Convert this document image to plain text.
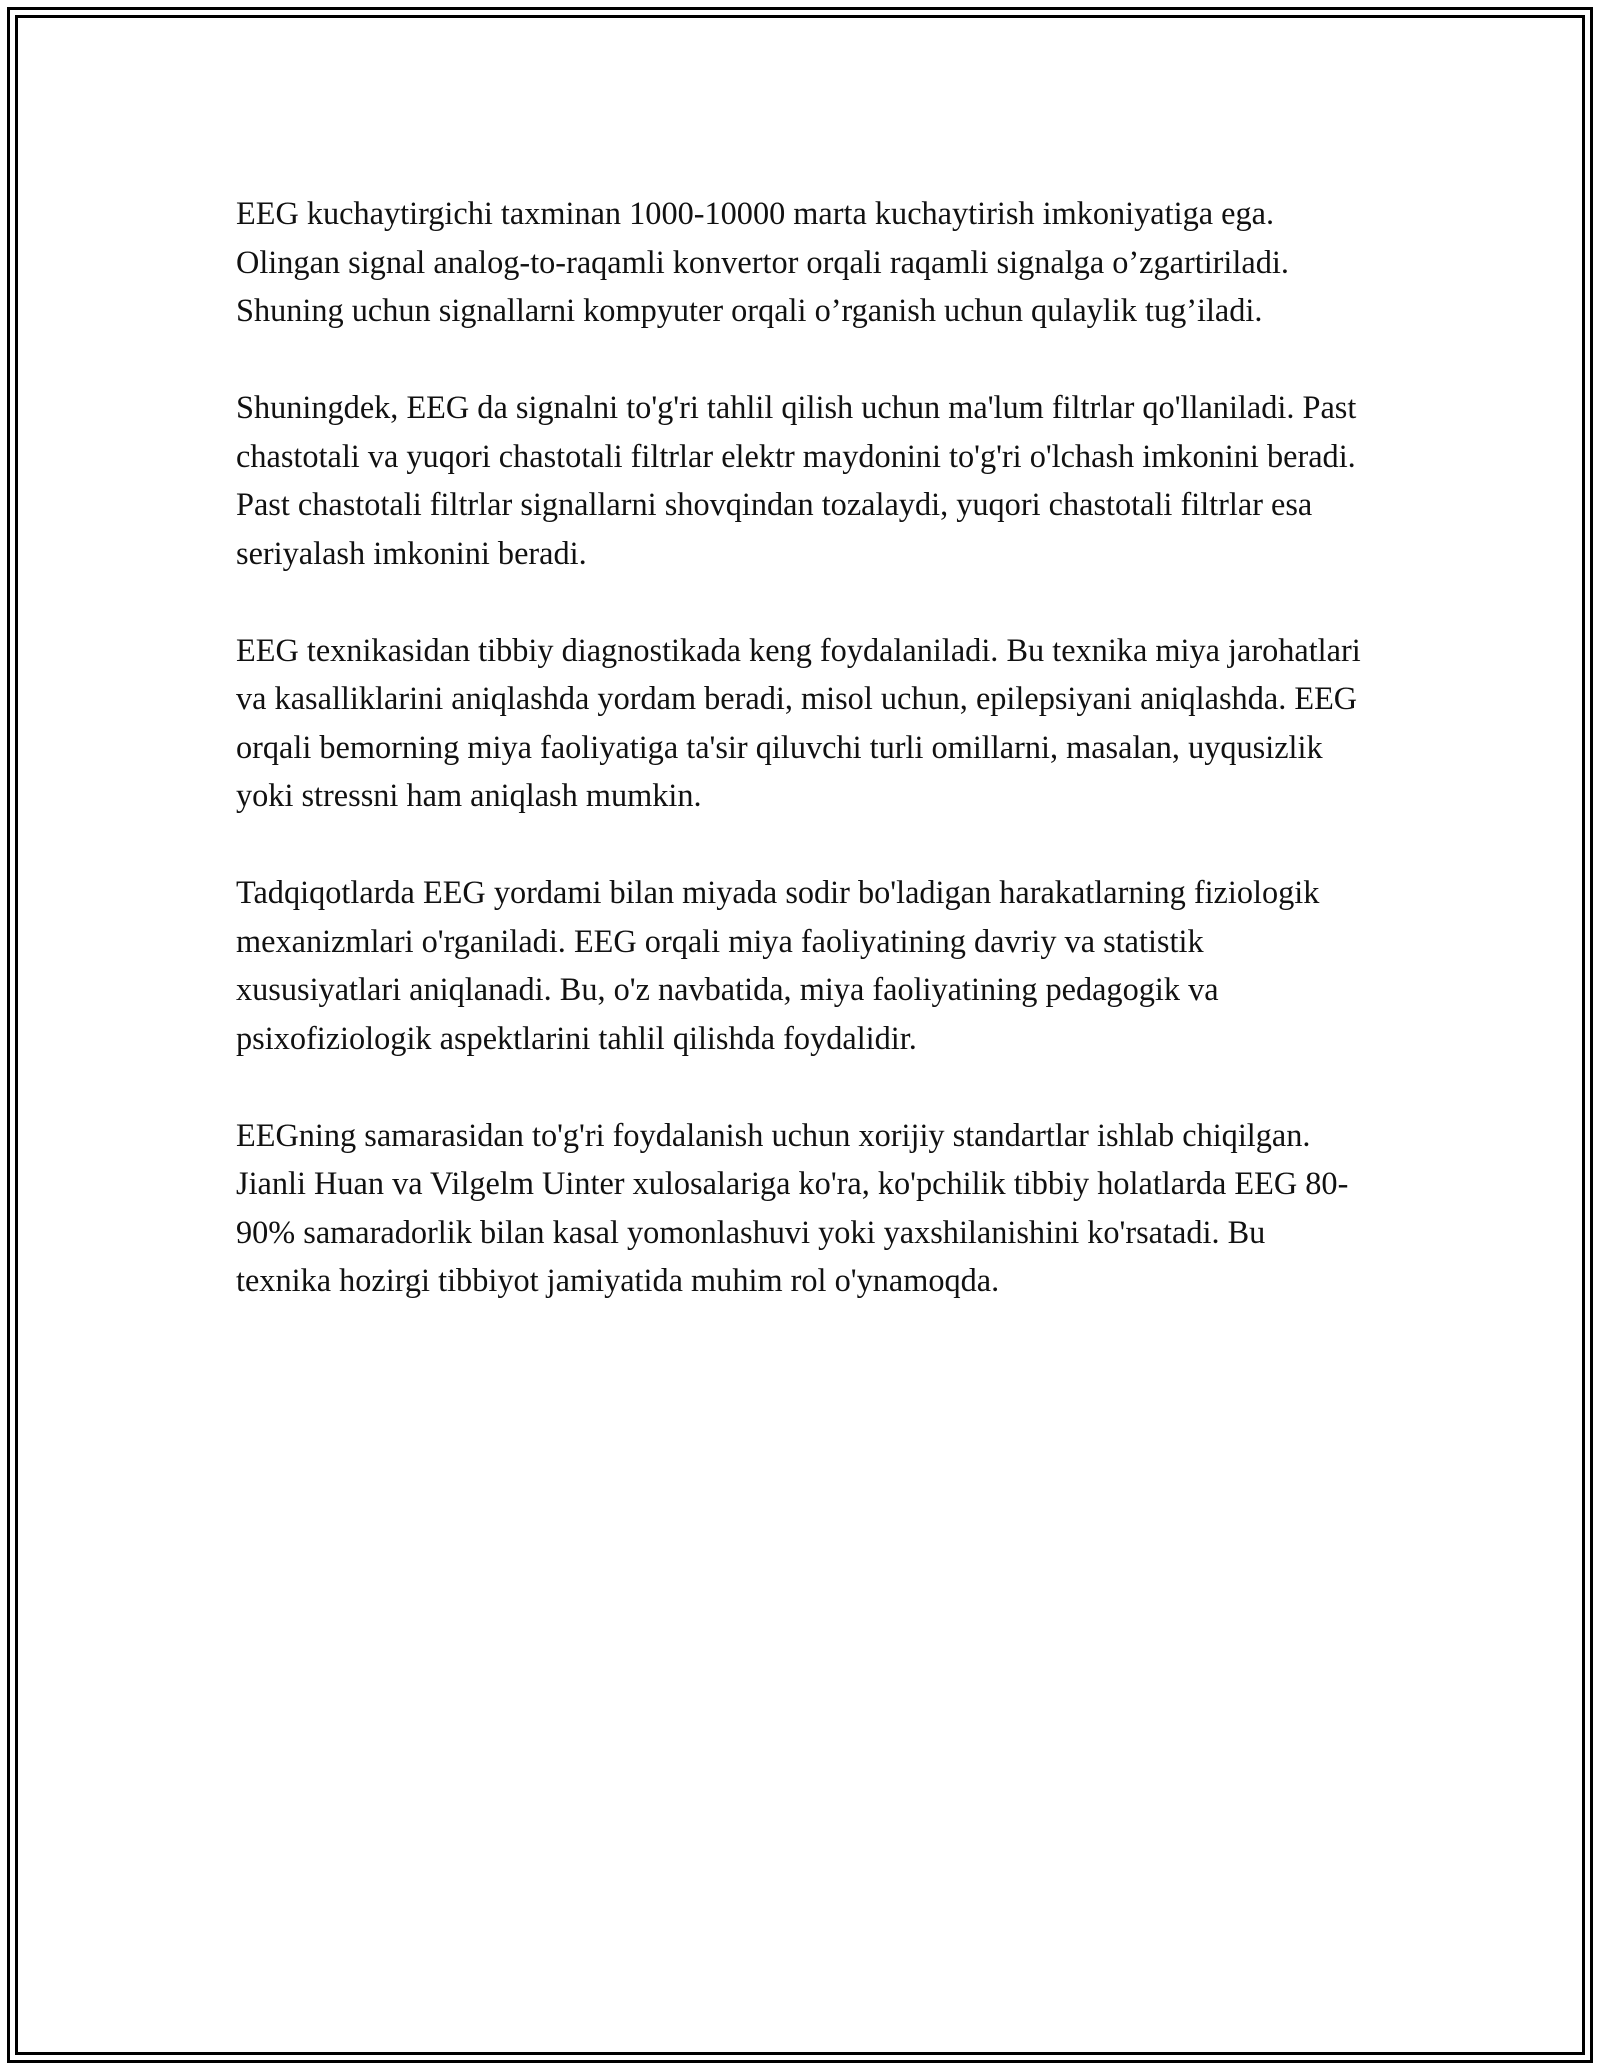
EEG kuchaytirgichi taxminan 1000-10000 marta kuchaytirish imkoniyatiga ega. Olingan signal analog-to-raqamli konvertor orqali raqamli signalga o’zgartiriladi. Shuning uchun signallarni kompyuter orqali o’rganish uchun qulaylik tug’iladi.

Shuningdek, EEG da signalni to'g'ri tahlil qilish uchun ma'lum filtrlar qo'llaniladi. Past chastotali va yuqori chastotali filtrlar elektr maydonini to'g'ri o'lchash imkonini beradi. Past chastotali filtrlar signallarni shovqindan tozalaydi, yuqori chastotali filtrlar esa seriyalash imkonini beradi.

EEG texnikasidan tibbiy diagnostikada keng foydalaniladi. Bu texnika miya jarohatlari va kasalliklarini aniqlashda yordam beradi, misol uchun, epilepsiyani aniqlashda. EEG orqali bemorning miya faoliyatiga ta'sir qiluvchi turli omillarni, masalan, uyqusizlik yoki stressni ham aniqlash mumkin.

Tadqiqotlarda EEG yordami bilan miyada sodir bo'ladigan harakatlarning fiziologik mexanizmlari o'rganiladi. EEG orqali miya faoliyatining davriy va statistik xususiyatlari aniqlanadi. Bu, o'z navbatida, miya faoliyatining pedagogik va psixofiziologik aspektlarini tahlil qilishda foydalidir.

EEGning samarasidan to'g'ri foydalanish uchun xorijiy standartlar ishlab chiqilgan. Jianli Huan va Vilgelm Uinter xulosalariga ko'ra, ko'pchilik tibbiy holatlarda EEG 80-90% samaradorlik bilan kasal yomonlashuvi yoki yaxshilanishini ko'rsatadi. Bu texnika hozirgi tibbiyot jamiyatida muhim rol o'ynamoqda.
